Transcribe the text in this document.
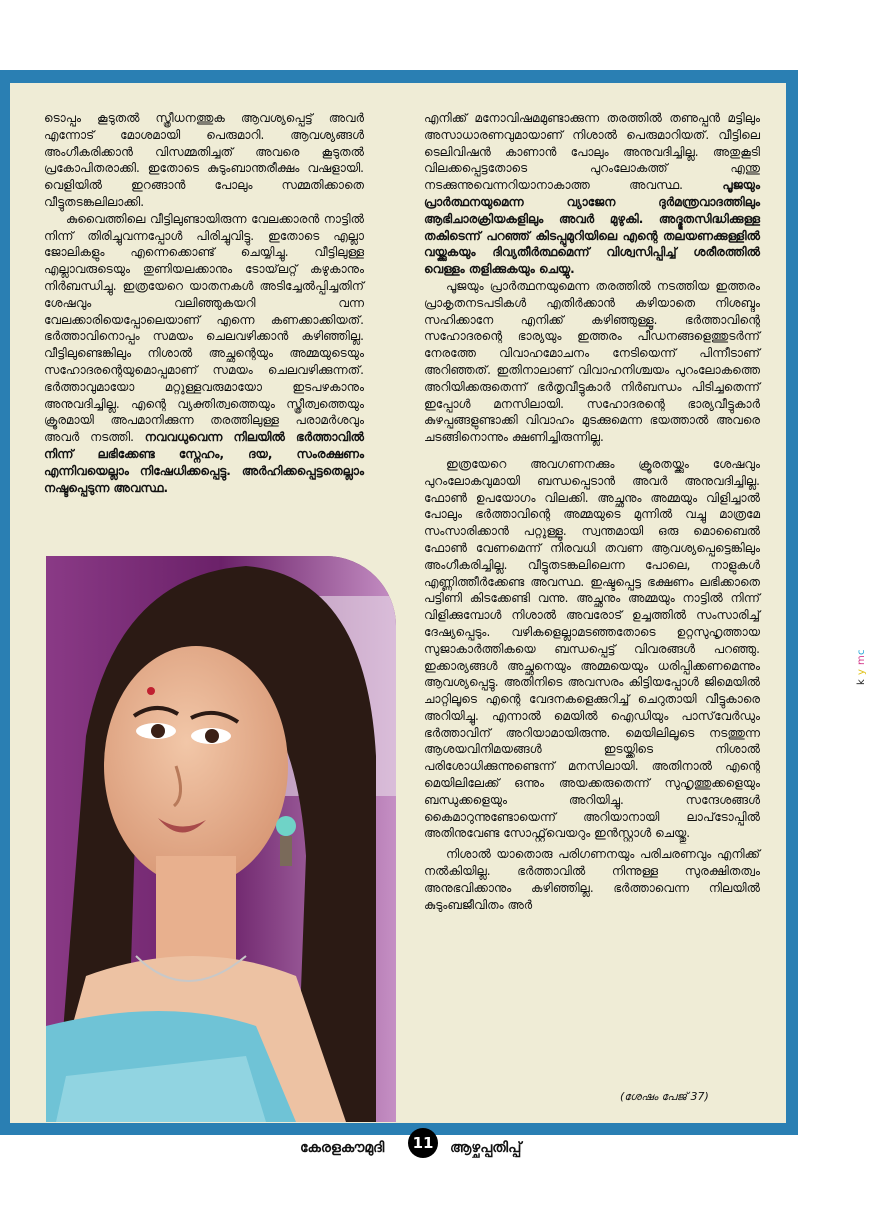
ടൊപ്പം കൂടുതൽ സ്ത്രീധനത്തുക ആവശ്യപ്പെട്ട് അവർ എന്നോട് മോശമായി പെരുമാറി. ആവശ്യങ്ങൾ അംഗീകരിക്കാൻ വിസമ്മതിച്ചത് അവരെ കൂടുതൽ പ്രകോപിതരാക്കി. ഇതോടെ കുടുംബാന്തരീക്ഷം വഷളായി. വെളിയിൽ ഇറങ്ങാൻ പോലും സമ്മതിക്കാതെ വീട്ടുതടങ്കലിലാക്കി.

കുവൈത്തിലെ വീട്ടിലുണ്ടായിരുന്ന വേലക്കാരൻ നാട്ടിൽ നിന്ന് തിരിച്ചുവന്നപ്പോൾ പിരിച്ചുവിട്ടു. ഇതോടെ എല്ലാ ജോലികളും എന്നെക്കൊണ്ട് ചെയ്യിച്ചു. വീട്ടിലുള്ള എല്ലാവരുടെയും തുണിയലക്കാനും ടോയ്‌ലറ്റ് കഴുകാനും നിർബന്ധിച്ചു. ഇത്രയേറെ യാതനകൾ അടിച്ചേൽപ്പിച്ചതിന് ശേഷവും വലിഞ്ഞുകയറി വന്ന വേലക്കാരിയെപ്പോലെയാണ് എന്നെ കണക്കാക്കിയത്. ഭർത്താവിനൊപ്പം സമയം ചെലവഴിക്കാൻ കഴിഞ്ഞില്ല. വീട്ടിലുണ്ടെങ്കിലും നിശാൽ അച്ഛന്റെയും അമ്മയുടെയും സഹോദരന്റെയുമൊപ്പമാണ് സമയം ചെലവഴിക്കുന്നത്. ഭർത്താവുമായോ മറ്റുള്ളവരുമായോ ഇടപഴകാനും അനുവദിച്ചില്ല. എന്റെ വ്യക്തിത്വത്തെയും സ്ത്രീത്വത്തെയും ക്രൂരമായി അപമാനിക്കുന്ന തരത്തിലുള്ള പരാമർശവും അവർ നടത്തി. നവവധുവെന്ന നിലയിൽ ഭർത്താവിൽ നിന്ന് ലഭിക്കേണ്ട സ്നേഹം, ദയ, സംരക്ഷണം എന്നിവയെല്ലാം നിഷേധിക്കപ്പെട്ടു. അർഹിക്കപ്പെട്ടതെല്ലാം നഷ്ടപ്പെടുന്ന അവസ്ഥ.

എനിക്ക് മനോവിഷമമുണ്ടാക്കുന്ന തരത്തിൽ തണുപ്പൻ മട്ടിലും അസാധാരണവുമായാണ് നിശാൽ പെരുമാറിയത്. വീട്ടിലെ ടെലിവിഷൻ കാണാൻ പോലും അനുവദിച്ചില്ല. അതുകൂടി വിലക്കപ്പെട്ടതോടെ പുറംലോകത്ത് എന്തു നടക്കുന്നുവെന്നറിയാനാകാത്ത അവസ്ഥ.	പൂജയും പ്രാർത്ഥനയുമെന്ന വ്യാജേന ദുർമന്ത്രവാദത്തിലും ആഭിചാരക്രിയകളിലും അവർ മുഴുകി. അദ്ഭുതസിദ്ധിക്കുള്ള തകിടെന്ന് പറഞ്ഞ് കിടപ്പുമുറിയിലെ എന്റെ തലയണക്കുള്ളിൽ വയ്ക്കുകയും ദിവ്യതീർത്ഥമെന്ന് വിശ്വസിപ്പിച്ച് ശരീരത്തിൽ വെള്ളം തളിക്കുകയും ചെയ്യു.

പൂജയും പ്രാർത്ഥനയുമെന്ന തരത്തിൽ നടത്തിയ ഇത്തരം പ്രാകൃതനടപടികൾ എതിർക്കാൻ കഴിയാതെ നിശബ്ദം സഹിക്കാനേ എനിക്ക് കഴിഞ്ഞുള്ളൂ. ഭർത്താവിന്റെ സഹോദരന്റെ ഭാര്യയും ഇത്തരം പീഡനങ്ങളെത്തുടർന്ന് നേരത്തേ വിവാഹമോചനം നേടിയെന്ന് പിന്നീടാണ് അറിഞ്ഞത്. ഇതിനാലാണ് വിവാഹനിശ്ചയം പുറംലോകത്തെ അറിയിക്കരുതെന്ന് ഭർതൃവീട്ടുകാർ നിർബന്ധം പിടിച്ചതെന്ന് ഇപ്പോൾ മനസിലായി. സഹോദരന്റെ ഭാര്യവീട്ടുകാർ കുഴപ്പങ്ങളുണ്ടാക്കി വിവാഹം മുടക്കുമെന്ന ഭയത്താൽ അവരെ ചടങ്ങിനൊന്നും ക്ഷണിച്ചിരുന്നില്ല.

ഇത്രയേറെ അവഗണനക്കും ക്രൂരതയ്ക്കും ശേഷവും പുറംലോകവുമായി ബന്ധപ്പെടാൻ അവർ അനുവദിച്ചില്ല. ഫോൺ ഉപയോഗം വിലക്കി. അച്ഛനും അമ്മയും വിളിച്ചാൽ പോലും ഭർത്താവിന്റെ അമ്മയുടെ മുന്നിൽ വച്ചു മാത്രമേ സംസാരിക്കാൻ പറ്റുള്ളൂ. സ്വന്തമായി ഒരു മൊബൈൽ ഫോൺ വേണമെന്ന് നിരവധി തവണ ആവശ്യപ്പെട്ടെങ്കിലും അംഗീകരിച്ചില്ല. വീട്ടുതടങ്കലിലെന്ന പോലെ, നാളുകൾ എണ്ണിത്തീർക്കേണ്ട അവസ്ഥ. ഇഷ്ടപ്പെട്ട ഭക്ഷണം ലഭിക്കാതെ പട്ടിണി കിടക്കേണ്ടി വന്നു. അച്ഛനും അമ്മയും നാട്ടിൽ നിന്ന് വിളിക്കുമ്പോൾ നിശാൽ അവരോട് ഉച്ചത്തിൽ സംസാരിച്ച് ദേഷ്യപ്പെടും. വഴികളെല്ലാമടഞ്ഞതോടെ ഉറ്റസുഹൃത്തായ സുജാകാർത്തികയെ ബന്ധപ്പെട്ട് വിവരങ്ങൾ പറഞ്ഞു. ഇക്കാര്യങ്ങൾ അച്ഛനെയും അമ്മയെയും ധരിപ്പിക്കണമെന്നും ആവശ്യപ്പെട്ടു. അതിനിടെ അവസരം കിട്ടിയപ്പോൾ ജിമെയിൽ ചാറ്റിലൂടെ എന്റെ വേദനകളെക്കുറിച്ച് ചെറുതായി വീട്ടുകാരെ അറിയിച്ചു. എന്നാൽ മെയിൽ ഐഡിയും പാസ്‌വേർഡും ഭർത്താവിന് അറിയാമായിരുന്നു. മെയിലിലൂടെ നടത്തുന്ന ആശയവിനിമയങ്ങൾ ഇടയ്ക്കിടെ നിശാൽ പരിശോധിക്കുന്നുണ്ടെന്ന് മനസിലായി. അതിനാൽ എന്റെ മെയിലിലേക്ക് ഒന്നും അയക്കരുതെന്ന് സുഹൃത്തുക്കളെയും ബന്ധുക്കളെയും അറിയിച്ചു. സന്ദേശങ്ങൾ കൈമാറുന്നുണ്ടോയെന്ന് അറിയാനായി ലാപ്‌ടോപ്പിൽ അതിനുവേണ്ട സോഫ്റ്റ്‌വെയറും ഇൻസ്റ്റാൾ ചെയ്തു.

നിശാൽ യാതൊരു പരിഗണനയും പരിചരണവും എനിക്ക് നൽകിയില്ല. ഭർത്താവിൽ നിന്നുള്ള സുരക്ഷിതത്വം അനുഭവിക്കാനും കഴിഞ്ഞില്ല. ഭർത്താവെന്ന നിലയിൽ കുടുംബജീവിതം അർ

(ശേഷം പേജ് 37)
കേരളകൗമുദി	11	ആഴ്ചപ്പതിപ്പ്
c
m
y
k
